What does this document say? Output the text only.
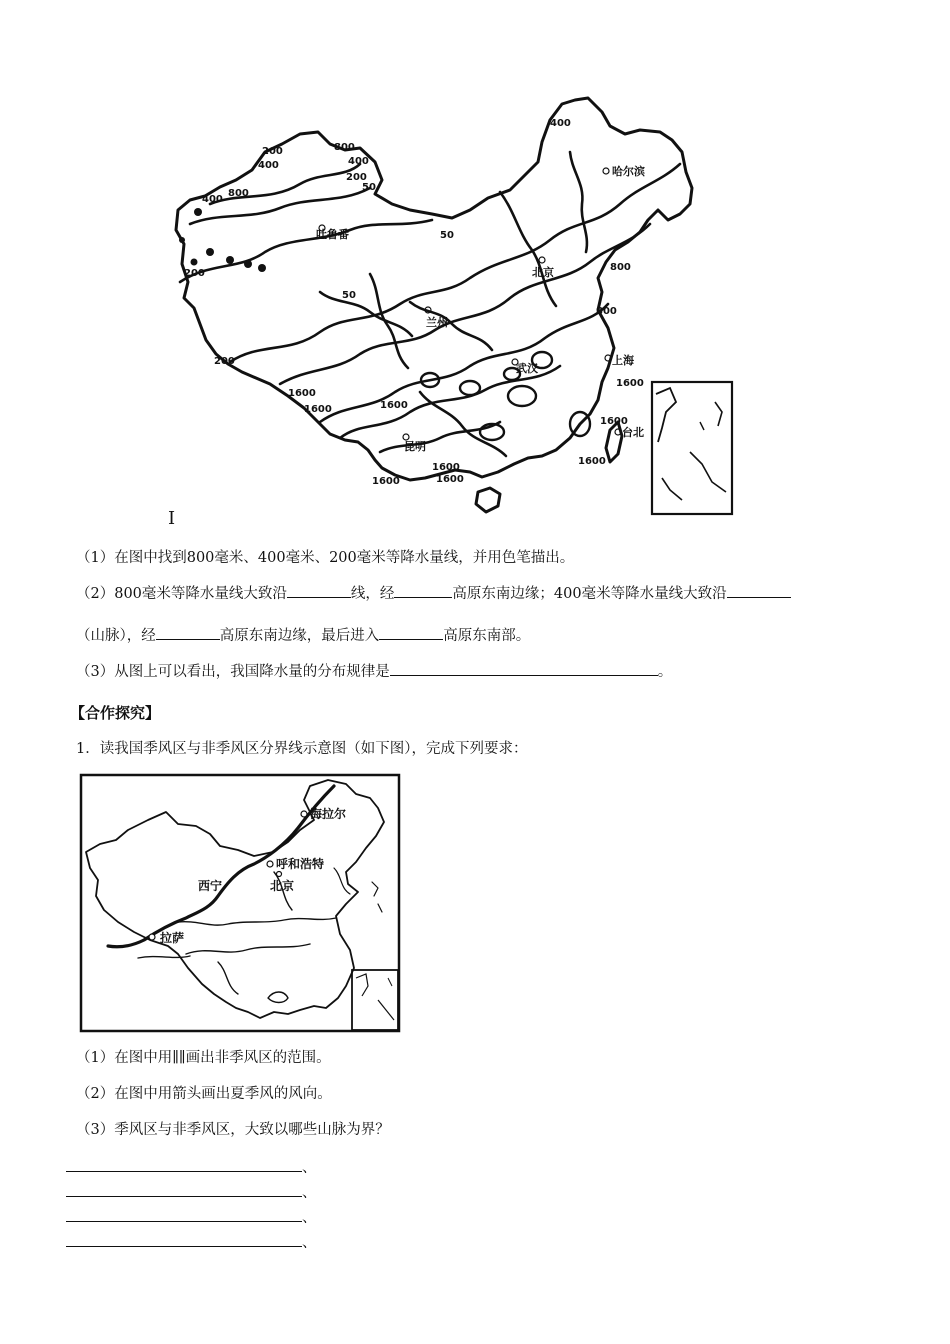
400
200
400
800
400
200
50
800
400
50
200
50
800
800
200
1600
1600
1600
1600
1600	1600
1600
1600
1600
哈尔滨
北京
兰州
上海
武汉
昆明
台北
吐鲁番
I
（1）在图中找到800毫米、400毫米、200毫米等降水量线，并用色笔描出。
（2）800毫米等降水量线大致沿	线，经	高原东南边缘；400毫米等降水量线大致沿
（山脉），经	高原东南边缘，最后进入	高原东南部。
（3）从图上可以看出，我国降水量的分布规律是	。
【合作探究】
1．读我国季风区与非季风区分界线示意图（如下图），完成下列要求：
海拉尔
呼和浩特
北京
西宁
拉萨
（1）在图中用∥∥画出非季风区的范围。
（2）在图中用箭头画出夏季风的风向。
（3）季风区与非季风区，大致以哪些山脉为界？
、
、
、
、
